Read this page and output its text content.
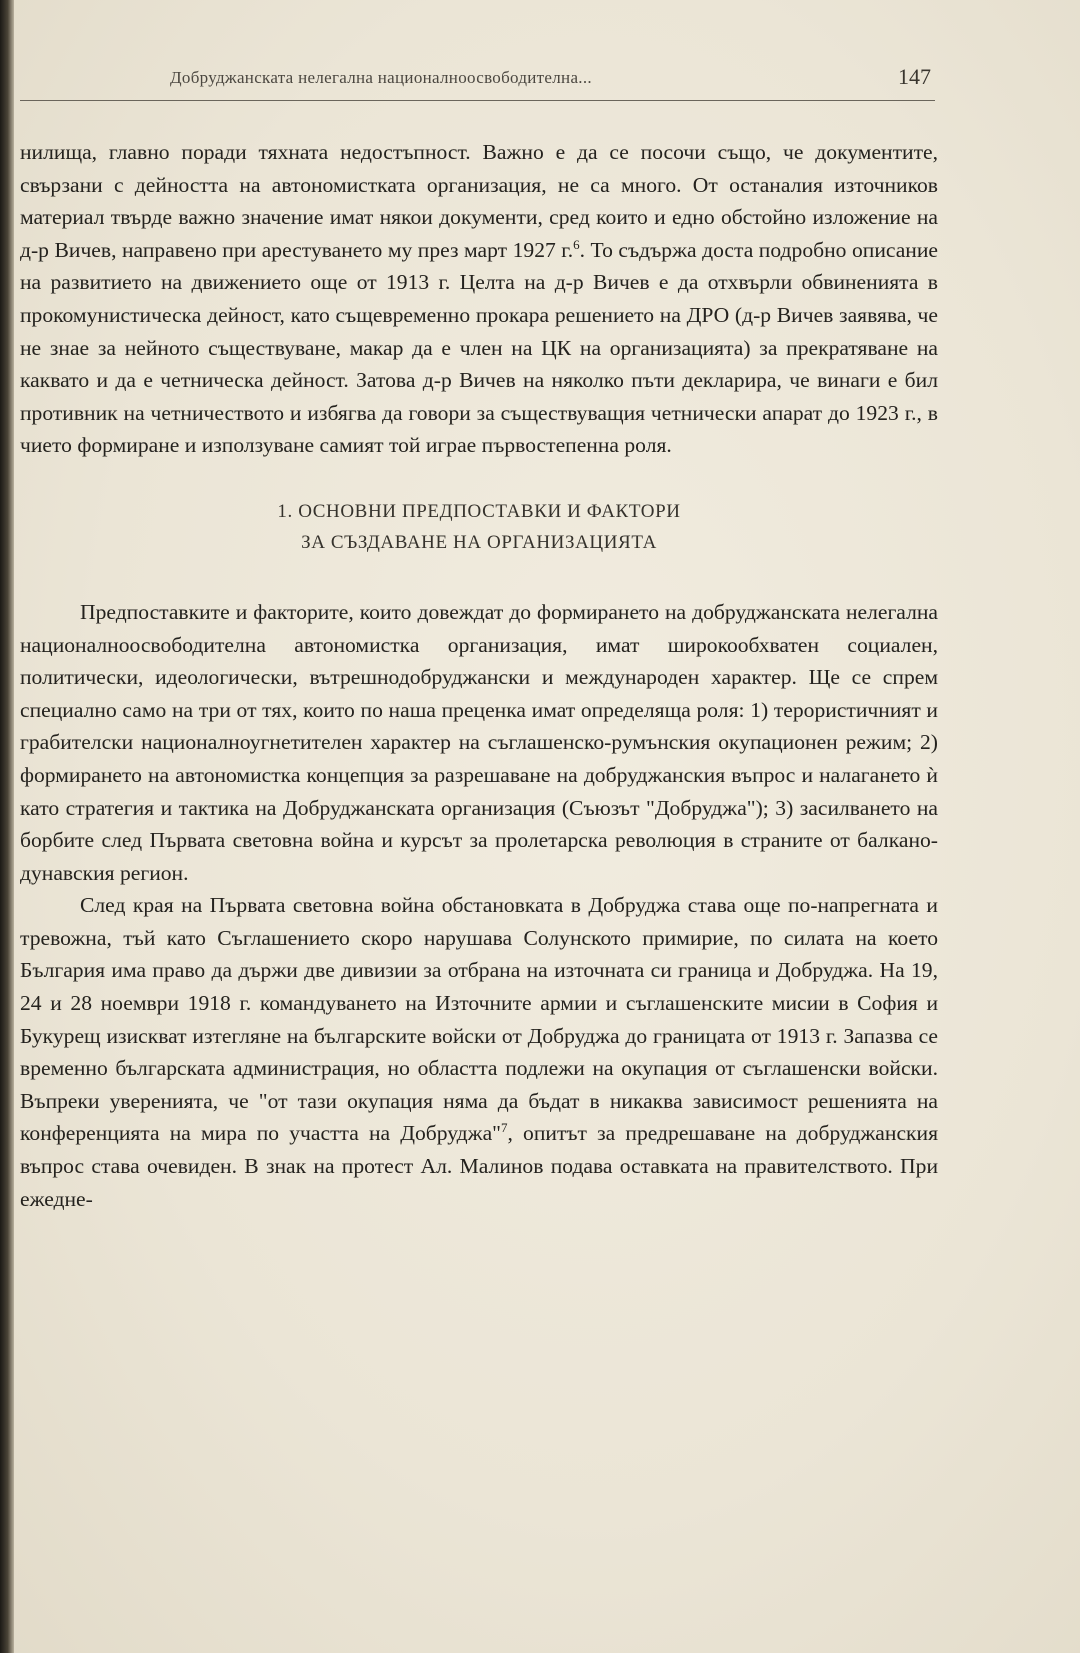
Добруджанската нелегална националноосвободителна...	147

нилища, главно поради тяхната недостъпност. Важно е да се посочи също, че документите, свързани с дейността на автономистката организация, не са много. От останалия източников материал твърде важно значение имат някои документи, сред които и едно обстойно изложение на д-р Вичев, направено при арестуването му през март 1927 г.$^6$. То съдържа доста подробно описание на развитието на движението още от 1913 г. Целта на д-р Вичев е да отхвърли обвиненията в прокомунистическа дейност, като същевременно прокара решението на ДРО (д-р Вичев заявява, че не знае за нейното съществуване, макар да е член на ЦК на организацията) за прекратяване на каквато и да е четническа дейност. Затова д-р Вичев на няколко пъти декларира, че винаги е бил противник на четничеството и избягва да говори за съществуващия четнически апарат до 1923 г., в чието формиране и използуване самият той играе първостепенна роля.

1. ОСНОВНИ ПРЕДПОСТАВКИ И ФАКТОРИ
ЗА СЪЗДАВАНЕ НА ОРГАНИЗАЦИЯТА

Предпоставките и факторите, които довеждат до формирането на добруджанската нелегална националноосвободителна автономистка организация, имат широкообхватен социален, политически, идеологически, вътрешнодобруджански и международен характер. Ще се спрем специално само на три от тях, които по наша преценка имат определяща роля: 1) терористичният и грабителски националноугнетителен характер на съглашенско-румънския окупационен режим; 2) формирането на автономистка концепция за разрешаване на добруджанския въпрос и налагането ѝ като стратегия и тактика на Добруджанската организация (Съюзът "Добруджа"); 3) засилването на борбите след Първата световна война и курсът за пролетарска революция в страните от балкано-дунавския регион.

След края на Първата световна война обстановката в Добруджа става още по-напрегната и тревожна, тъй като Съглашението скоро нарушава Солунското примирие, по силата на което България има право да държи две дивизии за отбрана на източната си граница и Добруджа. На 19, 24 и 28 ноември 1918 г. командуването на Източните армии и съглашенските мисии в София и Букурещ изискват изтегляне на българските войски от Добруджа до границата от 1913 г. Запазва се временно българската администрация, но областта подлежи на окупация от съглашенски войски. Въпреки уверенията, че "от тази окупация няма да бъдат в никаква зависимост решенията на конференцията на мира по участта на Добруджа"$^7$, опитът за предрешаване на добруджанския въпрос става очевиден. В знак на протест Ал. Малинов подава оставката на правителството. При ежедне-
